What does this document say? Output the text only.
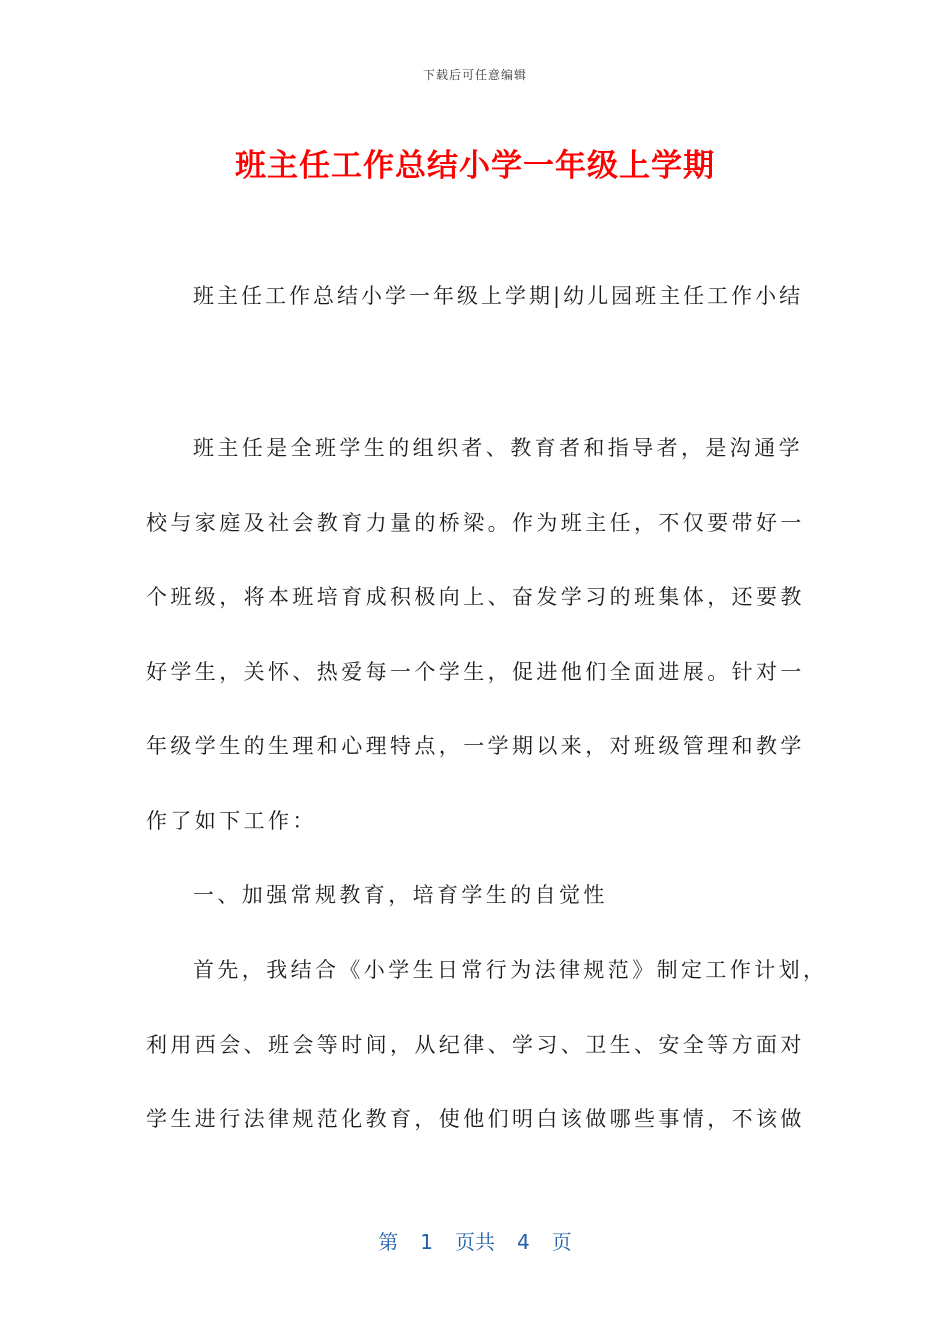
下载后可任意编辑
班主任工作总结小学一年级上学期
班主任工作总结小学一年级上学期|幼儿园班主任工作小结
班主任是全班学生的组织者、教育者和指导者，是沟通学
校与家庭及社会教育力量的桥梁。作为班主任，不仅要带好一
个班级，将本班培育成积极向上、奋发学习的班集体，还要教
好学生，关怀、热爱每一个学生，促进他们全面进展。针对一
年级学生的生理和心理特点，一学期以来，对班级管理和教学
作了如下工作：
一、加强常规教育，培育学生的自觉性
首先，我结合《小学生日常行为法律规范》制定工作计划，
利用西会、班会等时间，从纪律、学习、卫生、安全等方面对
学生进行法律规范化教育，使他们明白该做哪些事情，不该做
第 1 页共 4 页
